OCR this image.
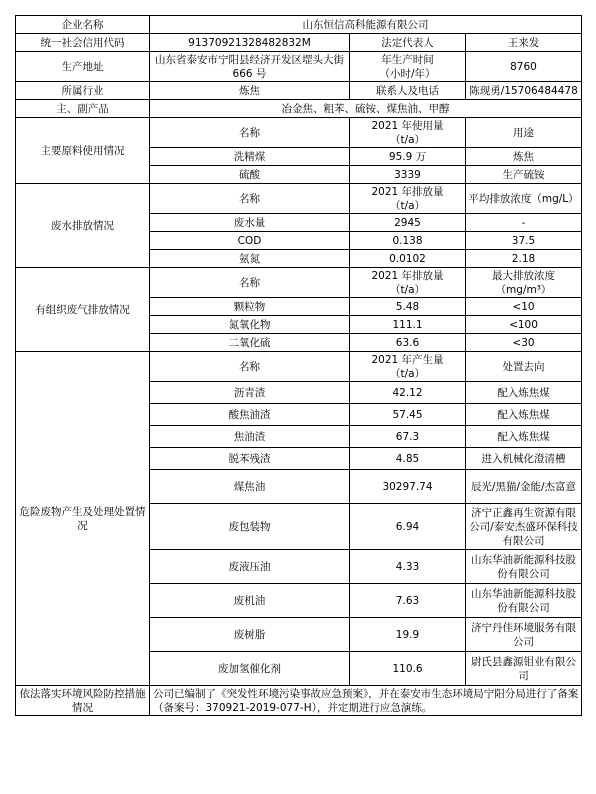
企业名称	山东恒信高科能源有限公司		
统一社会信用代码	91370921328482832M	法定代表人	王来发
生产地址	山东省泰安市宁阳县经济开发区堽头大街 666 号	年生产时间
（小时/年）	8760
所属行业	炼焦	联系人及电话	陈现勇/15706484478
主、副产品	冶金焦、粗苯、硫铵、煤焦油、甲醇		
主要原料使用情况	名称	2021 年使用量
（t/a）	用途
	洗精煤	95.9 万	炼焦
	硫酸	3339	生产硫铵
废水排放情况	名称	2021 年排放量
（t/a）	平均排放浓度（mg/L）
	废水量	2945	-
	COD	0.138	37.5
	氨氮	0.0102	2.18
有组织废气排放情况	名称	2021 年排放量
（t/a）	最大排放浓度
（mg/m³）
	颗粒物	5.48	<10
	氮氧化物	111.1	<100
	二氧化硫	63.6	<30
危险废物产生及处理处置情况	名称	2021 年产生量
（t/a）	处置去向
	沥青渣	42.12	配入炼焦煤
	酸焦油渣	57.45	配入炼焦煤
	焦油渣	67.3	配入炼焦煤
	脱苯残渣	4.85	进入机械化澄清槽
	煤焦油	30297.74	辰光/黑猫/金能/杰富意
	废包装物	6.94	济宁正鑫再生资源有限公司/泰安杰盛环保科技有限公司
	废液压油	4.33	山东华油新能源科技股份有限公司
	废机油	7.63	山东华油新能源科技股份有限公司
	废树脂	19.9	济宁丹佳环境服务有限公司
	废加氢催化剂	110.6	尉氏县鑫源钼业有限公司
依法落实环境风险防控措施情况	公司已编制了《突发性环境污染事故应急预案》，并在泰安市生态环境局宁阳分局进行了备案（备案号：370921-2019-077-H），并定期进行应急演练。		
